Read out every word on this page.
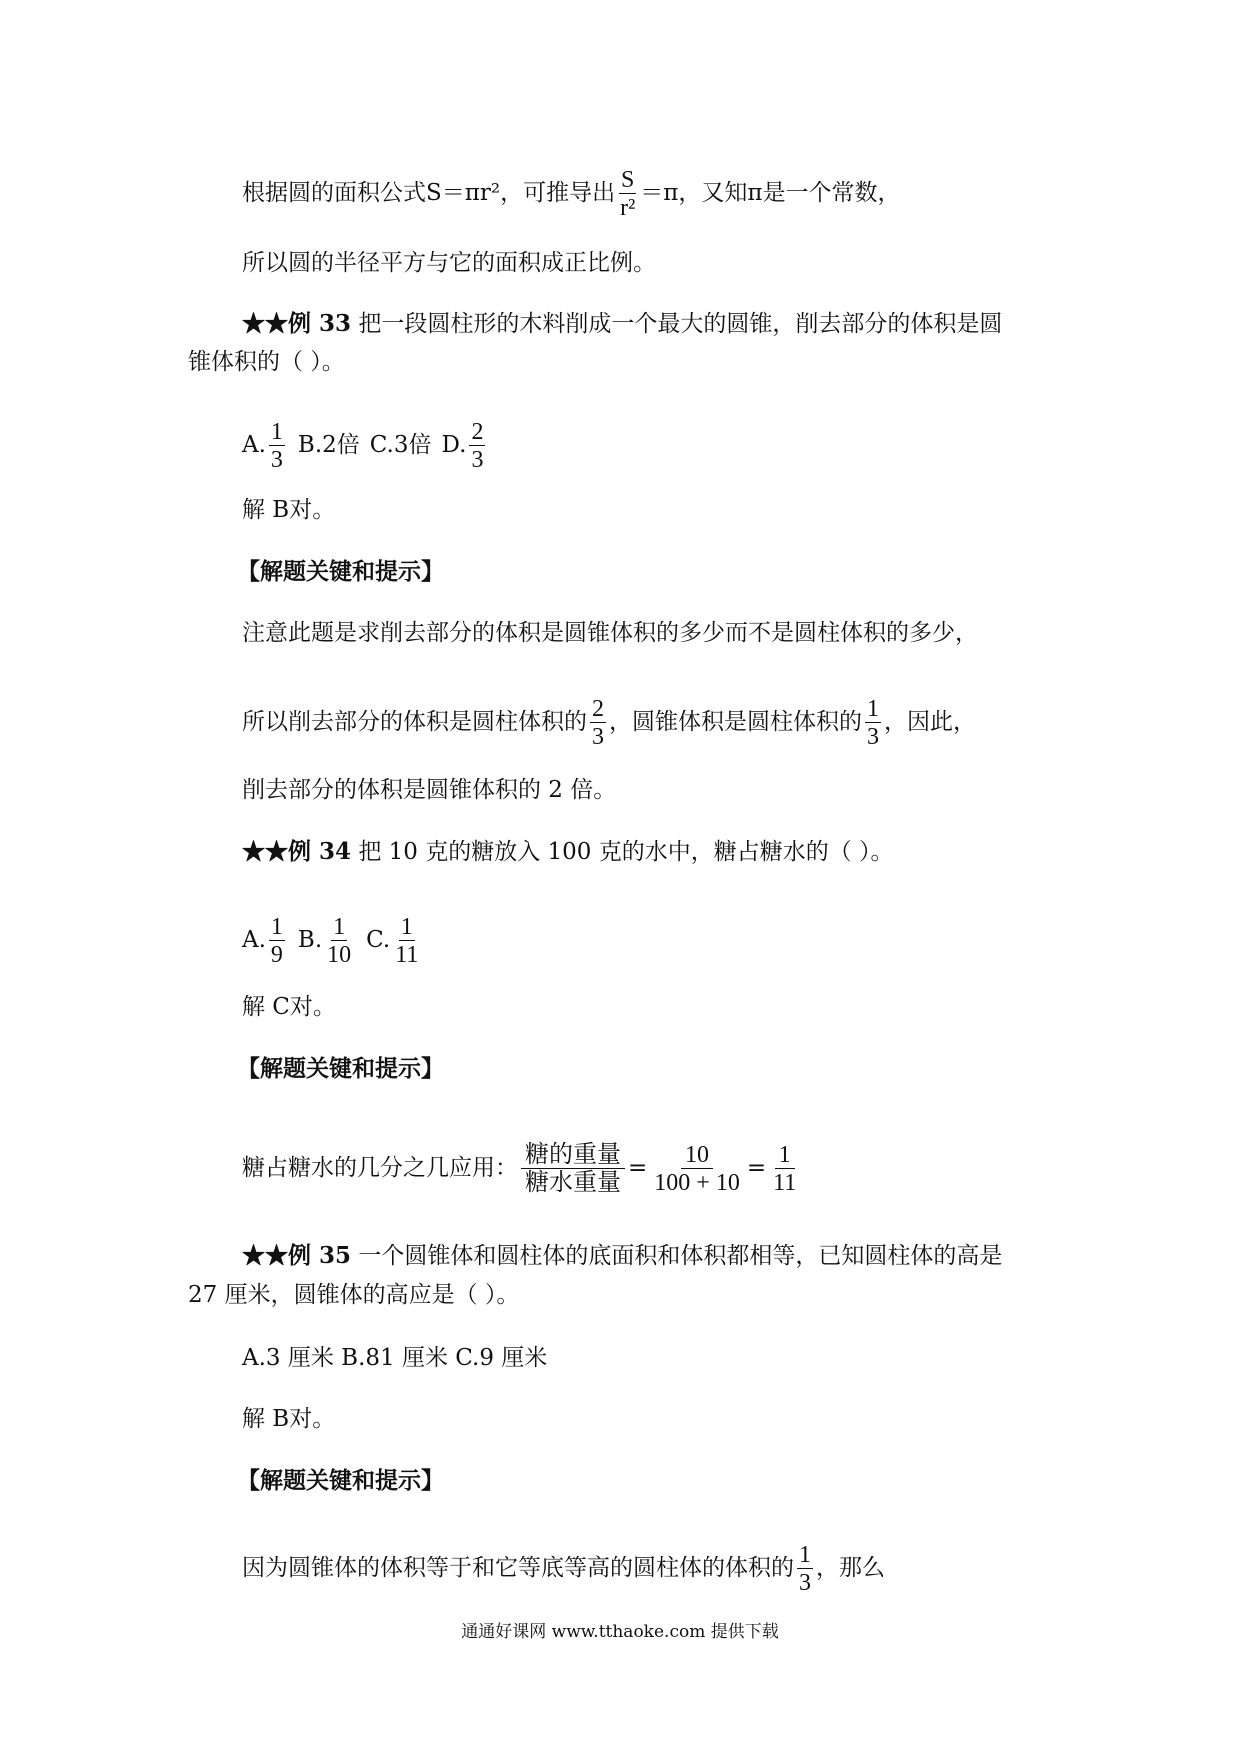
根据圆的面积公式S＝πr²，可推导出 $\frac{S}{\text{r²}} =\pi$，又知π是一个常数，
所以圆的半径平方与它的面积成正比例。
★★例 33 把一段圆柱形的木料削成一个最大的圆锥，削去部分的体积是圆
锥体积的（ ）。
A. $\frac{1}{3} B.2$倍 C.3倍 D. $\frac{2}{3}$
解 B对。
【解题关键和提示】
注意此题是求削去部分的体积是圆锥体积的多少而不是圆柱体积的多少，
所以削去部分的体积是圆柱体积的 $\frac{2}{3}$ ，圆锥体积是圆柱体积的 $\frac{1}{3}$ ，因此，
削去部分的体积是圆锥体积的 2 倍。
★★例 34 把 10 克的糖放入 100 克的水中，糖占糖水的（ ）。
A. $\frac{1}{9} B$. $\frac{1}{10} C$. $\frac{1}{11}$
解 C对。
【解题关键和提示】
糖占糖水的几分之几应用： $\frac{\text{糖的重量}}{\text{糖水重量}} = \frac{10}{100 + 10} = \frac{1}{11}$
★★例 35 一个圆锥体和圆柱体的底面积和体积都相等，已知圆柱体的高是
27 厘米，圆锥体的高应是（ ）。
A.3 厘米 B.81 厘米 C.9 厘米
解 B对。
【解题关键和提示】
因为圆锥体的体积等于和它等底等高的圆柱体的体积的 $\frac{1}{3}$ ，那么
通通好课网 www.tthaoke.com 提供下载
